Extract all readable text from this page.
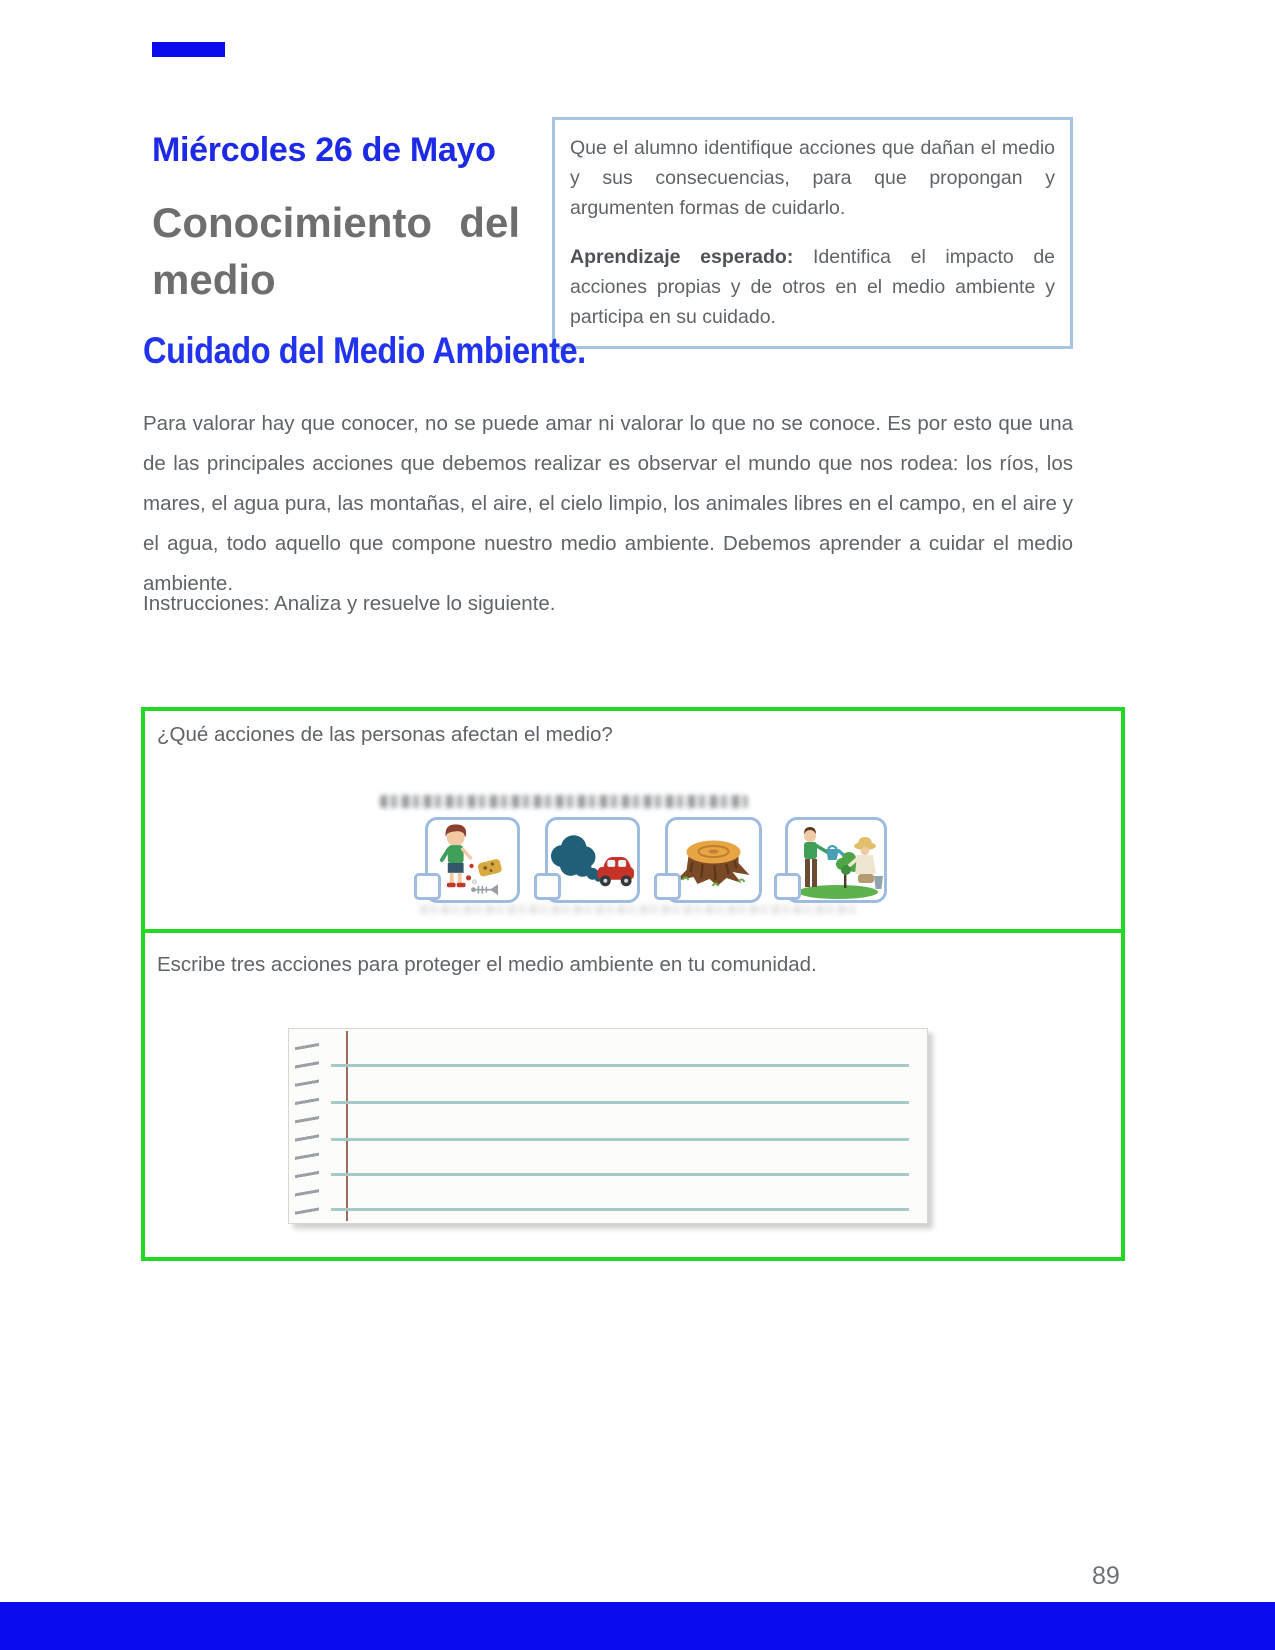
Miércoles 26 de Mayo
Conocimiento del
medio

Que el alumno identifique acciones que dañan el medio y sus consecuencias, para que propongan y argumenten formas de cuidarlo.

Aprendizaje esperado: Identifica el impacto de acciones propias y de otros en el medio ambiente y participa en su cuidado.

Cuidado del Medio Ambiente.

Para valorar hay que conocer, no se puede amar ni valorar lo que no se conoce. Es por esto que una de las principales acciones que debemos realizar es observar el mundo que nos rodea: los ríos, los mares, el agua pura, las montañas, el aire, el cielo limpio, los animales libres en el campo, en el aire y el agua, todo aquello que compone nuestro medio ambiente. Debemos aprender a cuidar el medio ambiente.

Instrucciones: Analiza y resuelve lo siguiente.

¿Qué acciones de las personas afectan el medio?

Escribe tres acciones para proteger el medio ambiente en tu comunidad.

89
